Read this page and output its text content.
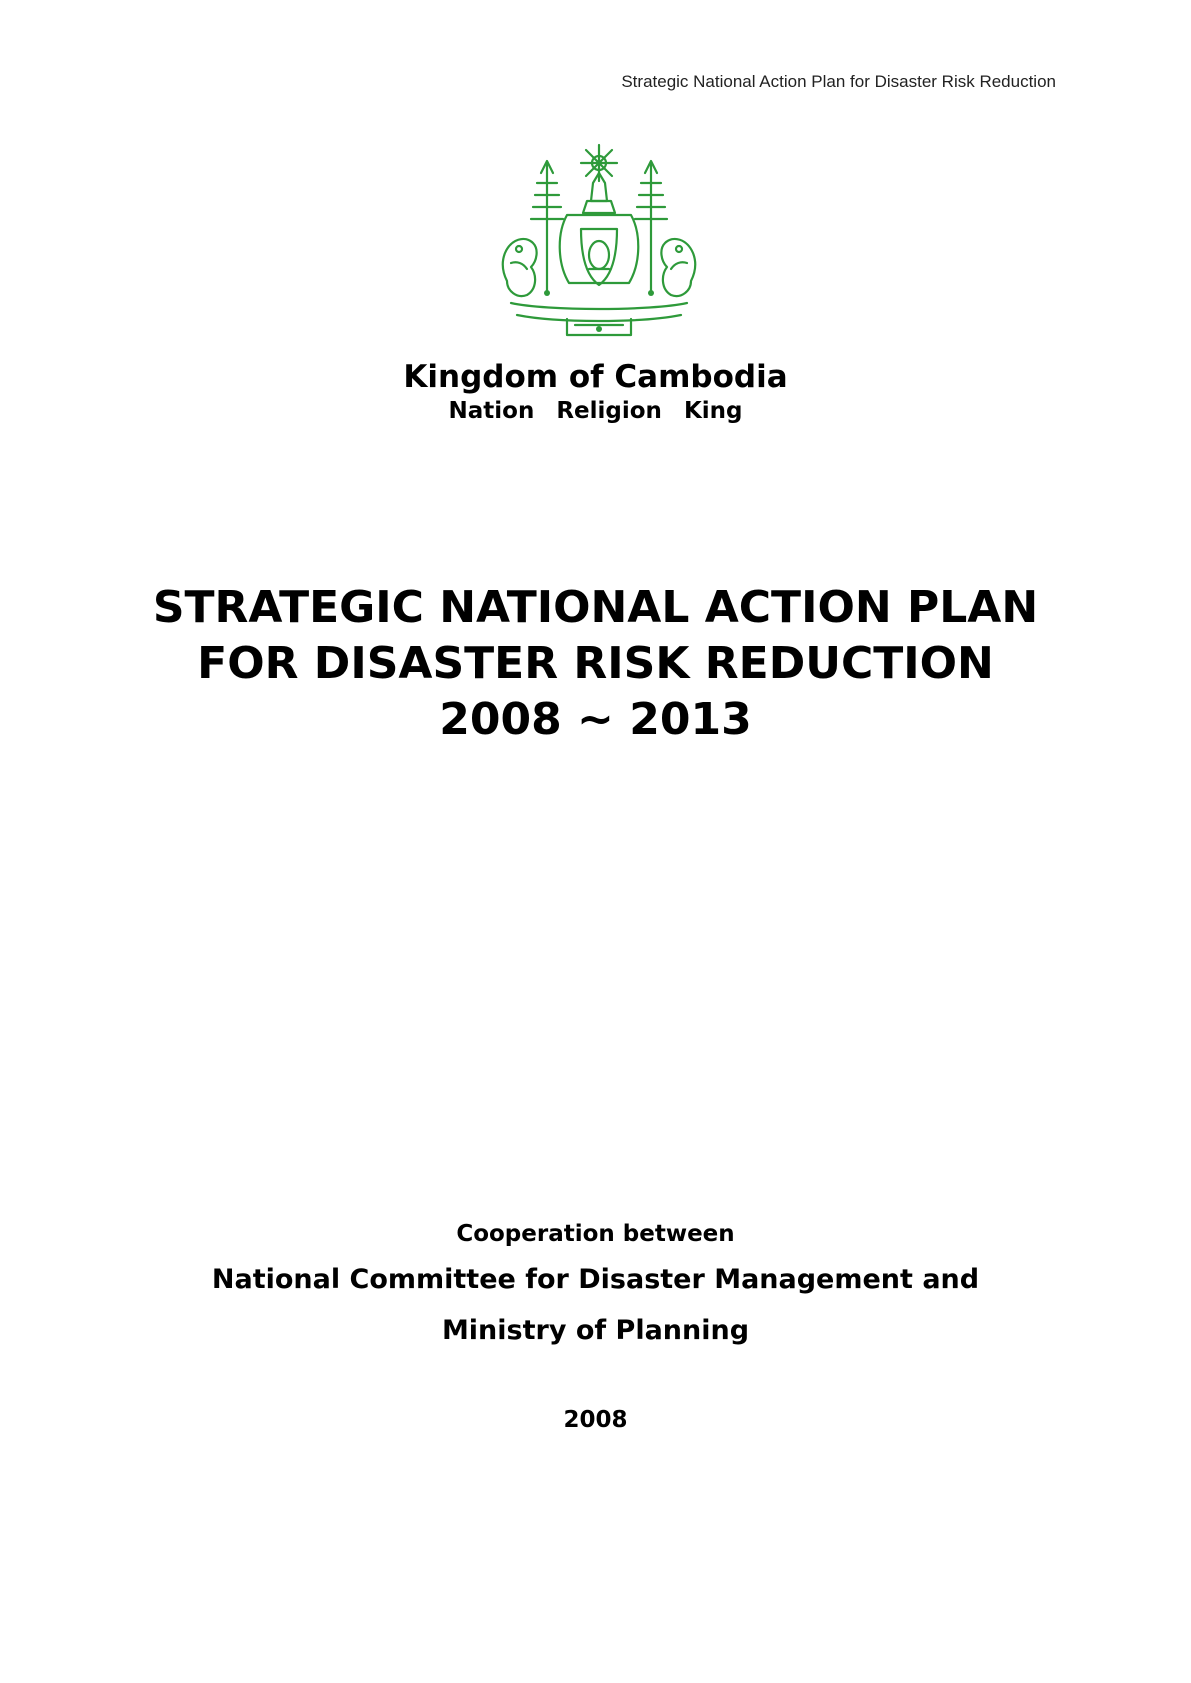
Strategic National Action Plan for Disaster Risk Reduction
Kingdom of Cambodia
Nation Religion King
STRATEGIC NATIONAL ACTION PLAN
FOR DISASTER RISK REDUCTION
2008 ~ 2013
Cooperation between
National Committee for Disaster Management and
Ministry of Planning
2008
